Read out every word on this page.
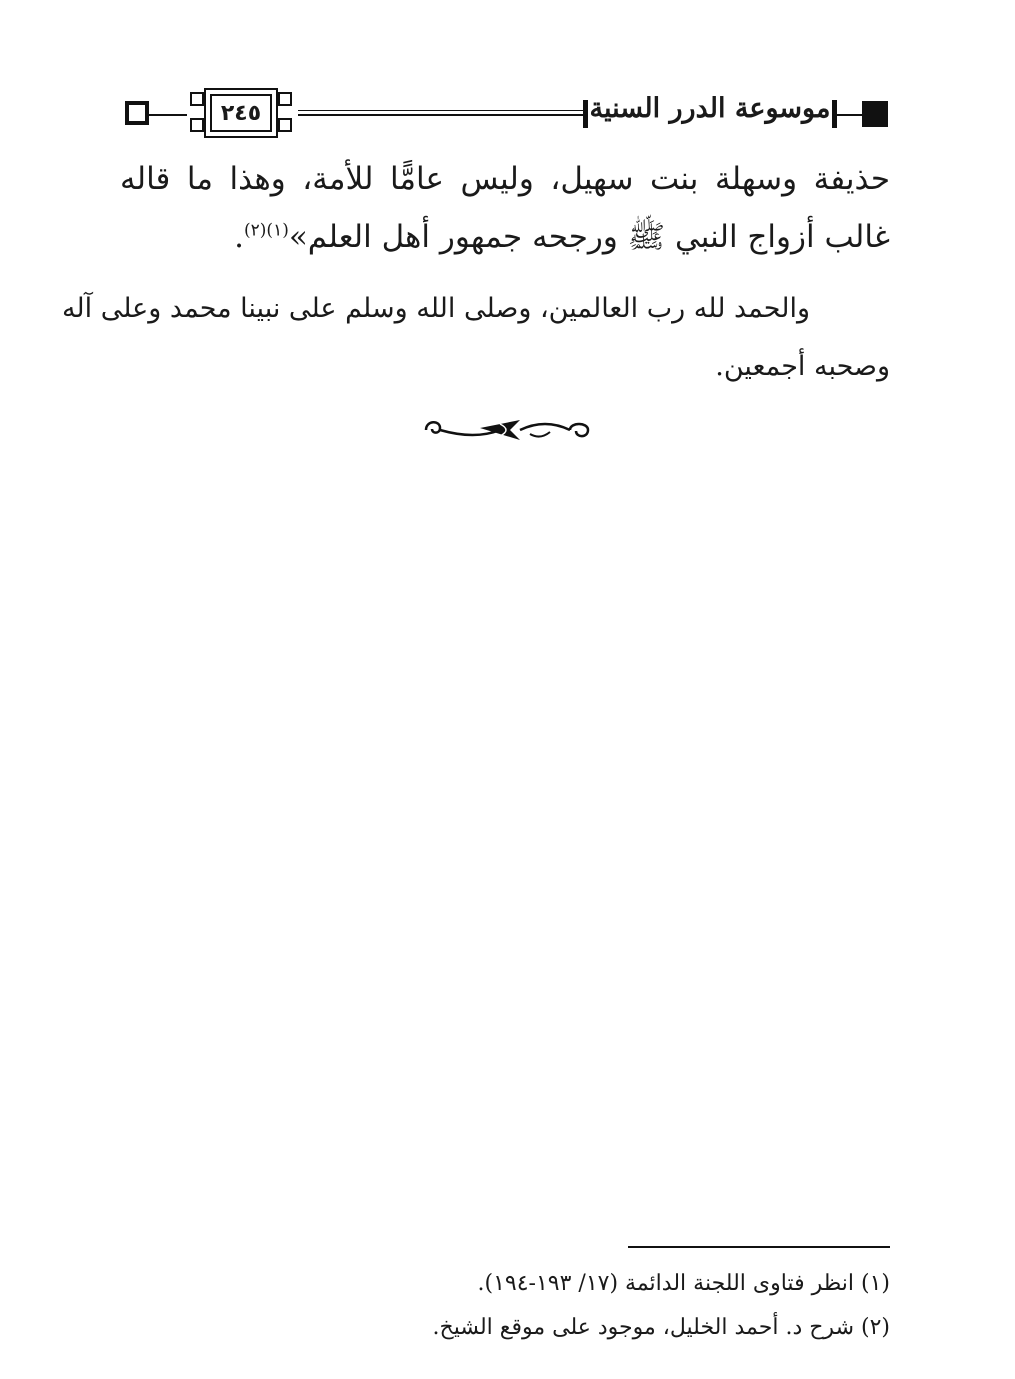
٢٤٥	موسوعة الدرر السنية
حذيفة وسهلة بنت سهيل، وليس عامًّا للأمة، وهذا ما قاله
غالب أزواج النبي ﷺ ورجحه جمهور أهل العلم»$^{(١)(٢)}$.
والحمد لله رب العالمين، وصلى الله وسلم على نبينا محمد وعلى آله
وصحبه أجمعين.
(١) انظر فتاوى اللجنة الدائمة (١٧/ ١٩٣-١٩٤).
(٢) شرح د. أحمد الخليل، موجود على موقع الشيخ.
